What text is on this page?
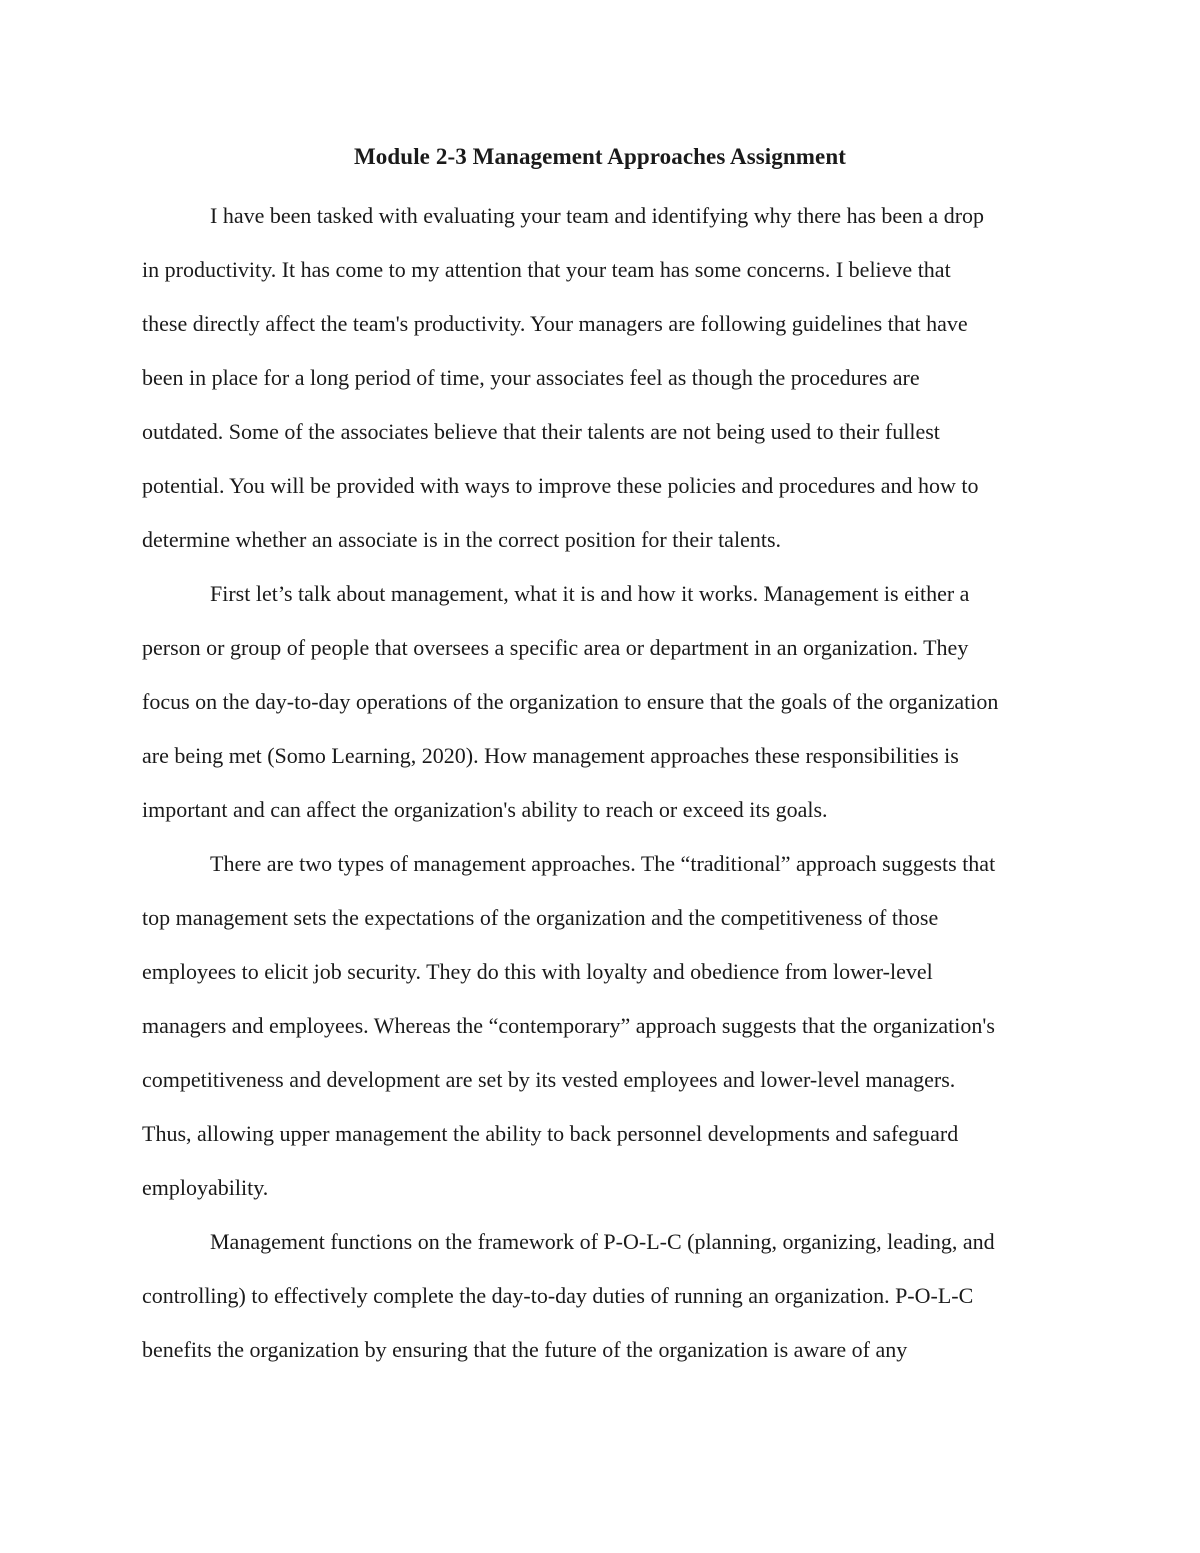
Module 2-3 Management Approaches Assignment

I have been tasked with evaluating your team and identifying why there has been a drop

in productivity. It has come to my attention that your team has some concerns. I believe that

these directly affect the team's productivity. Your managers are following guidelines that have

been in place for a long period of time, your associates feel as though the procedures are

outdated. Some of the associates believe that their talents are not being used to their fullest

potential. You will be provided with ways to improve these policies and procedures and how to

determine whether an associate is in the correct position for their talents.

First let’s talk about management, what it is and how it works. Management is either a

person or group of people that oversees a specific area or department in an organization. They

focus on the day-to-day operations of the organization to ensure that the goals of the organization

are being met (Somo Learning, 2020). How management approaches these responsibilities is

important and can affect the organization's ability to reach or exceed its goals.

There are two types of management approaches. The “traditional” approach suggests that

top management sets the expectations of the organization and the competitiveness of those

employees to elicit job security. They do this with loyalty and obedience from lower-level

managers and employees. Whereas the “contemporary” approach suggests that the organization's

competitiveness and development are set by its vested employees and lower-level managers.

Thus, allowing upper management the ability to back personnel developments and safeguard

employability.

Management functions on the framework of P-O-L-C (planning, organizing, leading, and

controlling) to effectively complete the day-to-day duties of running an organization. P-O-L-C

benefits the organization by ensuring that the future of the organization is aware of any
